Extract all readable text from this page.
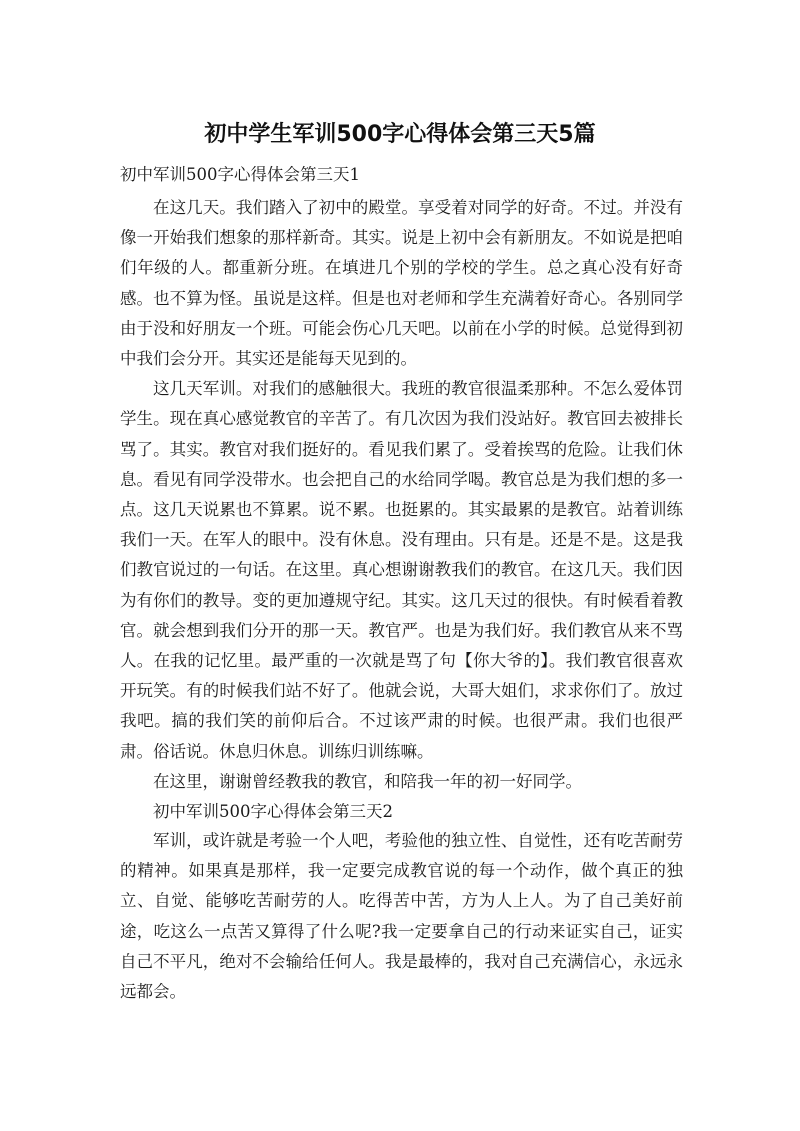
初中学生军训500字心得体会第三天5篇

初中军训500字心得体会第三天1

在这几天。我们踏入了初中的殿堂。享受着对同学的好奇。不过。并没有像一开始我们想象的那样新奇。其实。说是上初中会有新朋友。不如说是把咱们年级的人。都重新分班。在填进几个别的学校的学生。总之真心没有好奇感。也不算为怪。虽说是这样。但是也对老师和学生充满着好奇心。各别同学由于没和好朋友一个班。可能会伤心几天吧。以前在小学的时候。总觉得到初中我们会分开。其实还是能每天见到的。

这几天军训。对我们的感触很大。我班的教官很温柔那种。不怎么爱体罚学生。现在真心感觉教官的辛苦了。有几次因为我们没站好。教官回去被排长骂了。其实。教官对我们挺好的。看见我们累了。受着挨骂的危险。让我们休息。看见有同学没带水。也会把自己的水给同学喝。教官总是为我们想的多一点。这几天说累也不算累。说不累。也挺累的。其实最累的是教官。站着训练我们一天。在军人的眼中。没有休息。没有理由。只有是。还是不是。这是我们教官说过的一句话。在这里。真心想谢谢教我们的教官。在这几天。我们因为有你们的教导。变的更加遵规守纪。其实。这几天过的很快。有时候看着教官。就会想到我们分开的那一天。教官严。也是为我们好。我们教官从来不骂人。在我的记忆里。最严重的一次就是骂了句【你大爷的】。我们教官很喜欢开玩笑。有的时候我们站不好了。他就会说，大哥大姐们，求求你们了。放过我吧。搞的我们笑的前仰后合。不过该严肃的时候。也很严肃。我们也很严肃。俗话说。休息归休息。训练归训练嘛。

在这里，谢谢曾经教我的教官，和陪我一年的初一好同学。

初中军训500字心得体会第三天2

军训，或许就是考验一个人吧，考验他的独立性、自觉性，还有吃苦耐劳的精神。如果真是那样，我一定要完成教官说的每一个动作，做个真正的独立、自觉、能够吃苦耐劳的人。吃得苦中苦，方为人上人。为了自己美好前途，吃这么一点苦又算得了什么呢?我一定要拿自己的行动来证实自己，证实自己不平凡，绝对不会输给任何人。我是最棒的，我对自己充满信心，永远永远都会。
